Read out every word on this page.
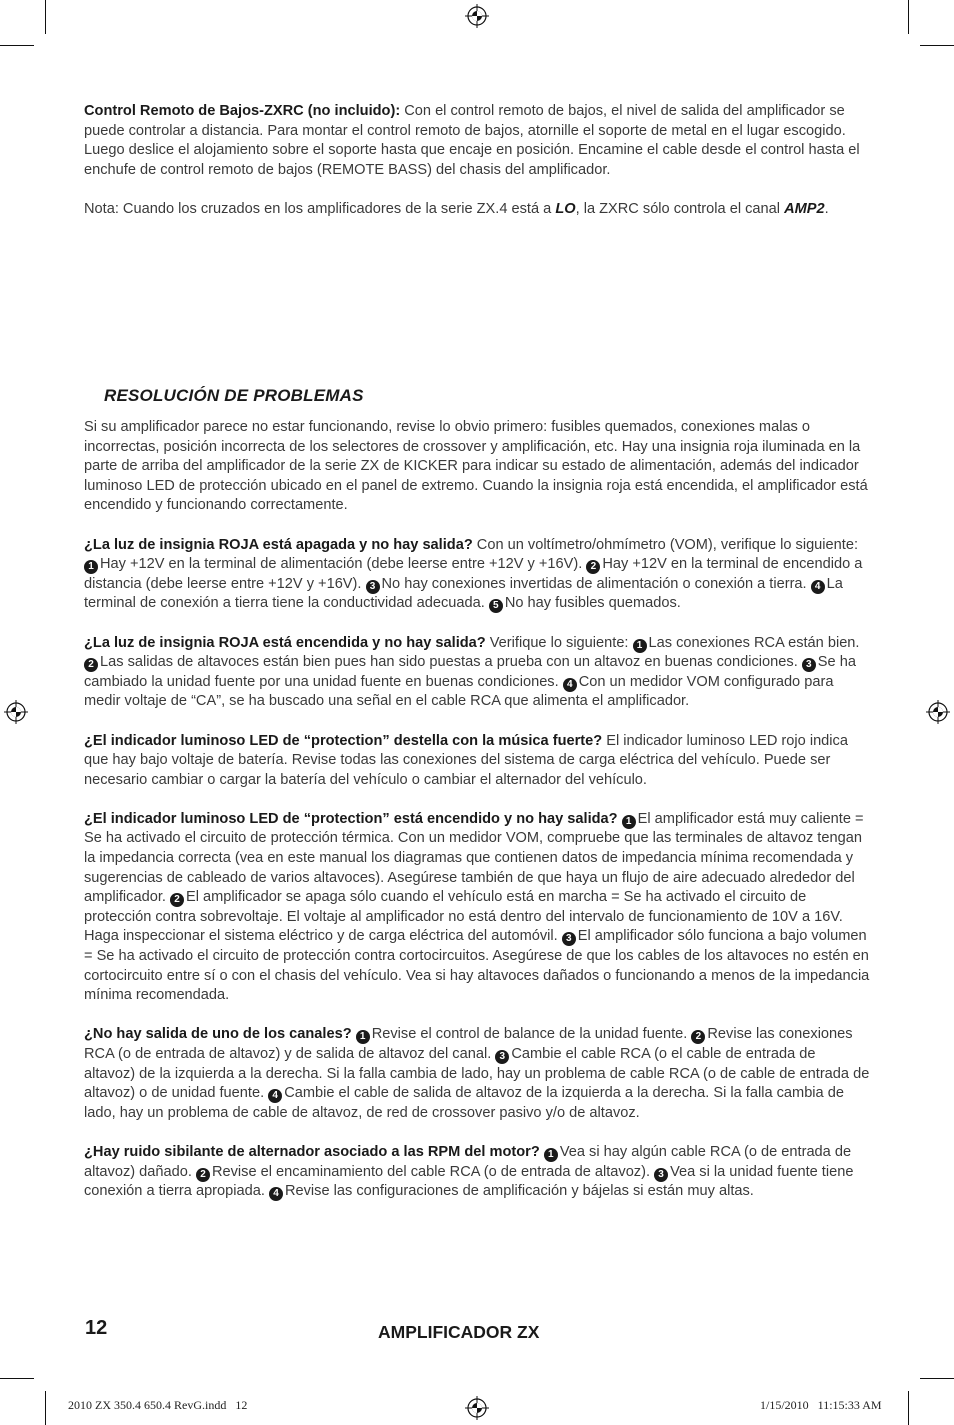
Control Remoto de Bajos-ZXRC (no incluido): Con el control remoto de bajos, el nivel de salida del amplificador se puede controlar a distancia. Para montar el control remoto de bajos, atornille el soporte de metal en el lugar escogido. Luego deslice el alojamiento sobre el soporte hasta que encaje en posición. Encamine el cable desde el control hasta el enchufe de control remoto de bajos (REMOTE BASS) del chasis del amplificador.

Nota: Cuando los cruzados en los amplificadores de la serie ZX.4 está a LO, la ZXRC sólo controla el canal AMP2.

RESOLUCIÓN DE PROBLEMAS

Si su amplificador parece no estar funcionando, revise lo obvio primero: fusibles quemados, conexiones malas o incorrectas, posición incorrecta de los selectores de crossover y amplificación, etc. Hay una insignia roja iluminada en la parte de arriba del amplificador de la serie ZX de KICKER para indicar su estado de alimentación, además del indicador luminoso LED de protección ubicado en el panel de extremo. Cuando la insignia roja está encendida, el amplificador está encendido y funcionando correctamente.

¿La luz de insignia ROJA está apagada y no hay salida? Con un voltímetro/ohmímetro (VOM), verifique lo siguiente: 1 Hay +12V en la terminal de alimentación (debe leerse entre +12V y +16V). 2 Hay +12V en la terminal de encendido a distancia (debe leerse entre +12V y +16V). 3 No hay conexiones invertidas de alimentación o conexión a tierra. 4 La terminal de conexión a tierra tiene la conductividad adecuada. 5 No hay fusibles quemados.

¿La luz de insignia ROJA está encendida y no hay salida? Verifique lo siguiente: 1 Las conexiones RCA están bien. 2 Las salidas de altavoces están bien pues han sido puestas a prueba con un altavoz en buenas condiciones. 3 Se ha cambiado la unidad fuente por una unidad fuente en buenas condiciones. 4 Con un medidor VOM configurado para medir voltaje de “CA”, se ha buscado una señal en el cable RCA que alimenta el amplificador.

¿El indicador luminoso LED de “protection” destella con la música fuerte? El indicador luminoso LED rojo indica que hay bajo voltaje de batería. Revise todas las conexiones del sistema de carga eléctrica del vehículo. Puede ser necesario cambiar o cargar la batería del vehículo o cambiar el alternador del vehículo.

¿El indicador luminoso LED de “protection” está encendido y no hay salida? 1 El amplificador está muy caliente = Se ha activado el circuito de protección térmica. Con un medidor VOM, compruebe que las terminales de altavoz tengan la impedancia correcta (vea en este manual los diagramas que contienen datos de impedancia mínima recomendada y sugerencias de cableado de varios altavoces). Asegúrese también de que haya un flujo de aire adecuado alrededor del amplificador. 2 El amplificador se apaga sólo cuando el vehículo está en marcha = Se ha activado el circuito de protección contra sobrevoltaje. El voltaje al amplificador no está dentro del intervalo de funcionamiento de 10V a 16V. Haga inspeccionar el sistema eléctrico y de carga eléctrica del automóvil. 3 El amplificador sólo funciona a bajo volumen = Se ha activado el circuito de protección contra cortocircuitos. Asegúrese de que los cables de los altavoces no estén en cortocircuito entre sí o con el chasis del vehículo. Vea si hay altavoces dañados o funcionando a menos de la impedancia mínima recomendada.

¿No hay salida de uno de los canales? 1 Revise el control de balance de la unidad fuente. 2 Revise las conexiones RCA (o de entrada de altavoz) y de salida de altavoz del canal. 3 Cambie el cable RCA (o el cable de entrada de altavoz) de la izquierda a la derecha. Si la falla cambia de lado, hay un problema de cable RCA (o de cable de entrada de altavoz) o de unidad fuente. 4 Cambie el cable de salida de altavoz de la izquierda a la derecha. Si la falla cambia de lado, hay un problema de cable de altavoz, de red de crossover pasivo y/o de altavoz.

¿Hay ruido sibilante de alternador asociado a las RPM del motor? 1 Vea si hay algún cable RCA (o de entrada de altavoz) dañado. 2 Revise el encaminamiento del cable RCA (o de entrada de altavoz). 3 Vea si la unidad fuente tiene conexión a tierra apropiada. 4 Revise las configuraciones de amplificación y bájelas si están muy altas.

12	AMPLIFICADOR ZX
2010 ZX 350.4 650.4 RevG.indd   12	1/15/2010   11:15:33 AM
